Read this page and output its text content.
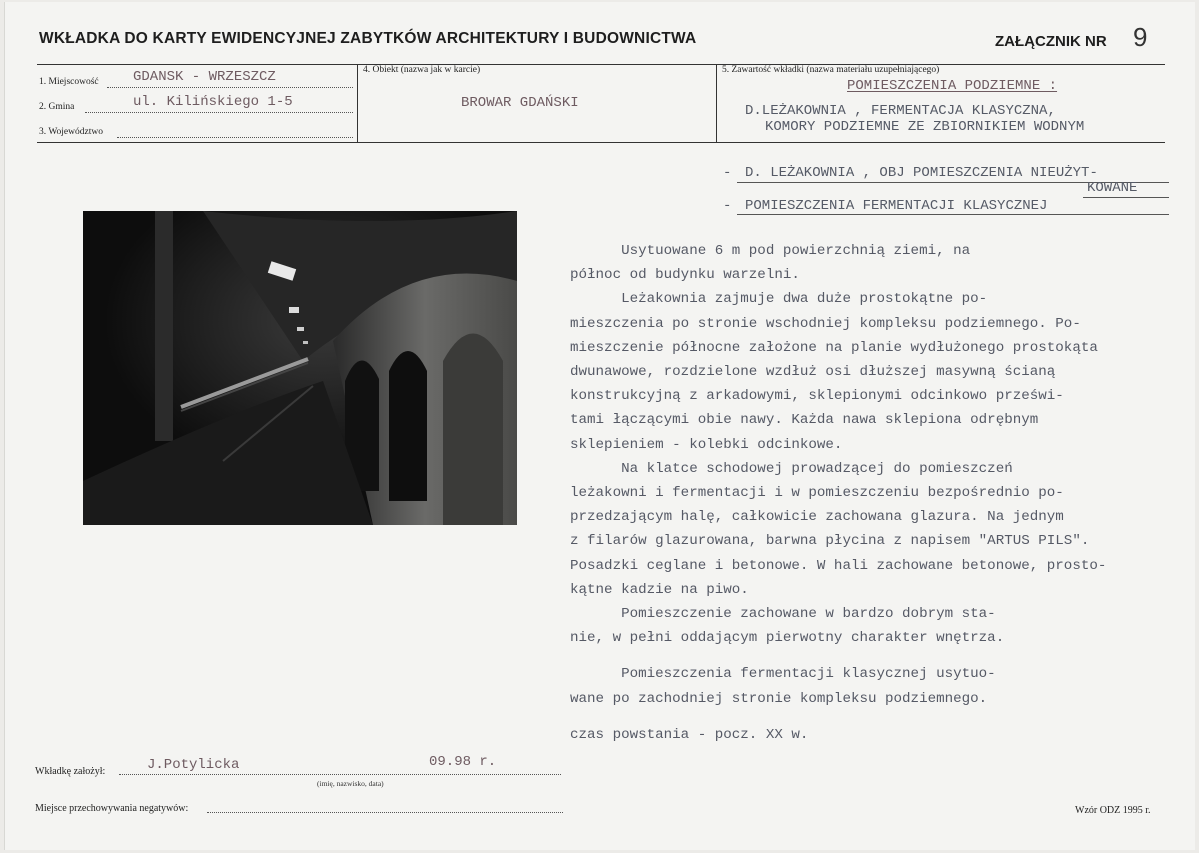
WKŁADKA DO KARTY EWIDENCYJNEJ ZABYTKÓW ARCHITEKTURY I BUDOWNICTWA	ZAŁĄCZNIK NR 9
1. Miejscowość GDANSK - WRZESZCZ
2. Gmina	ul. Kilińskiego 1-5
3. Województwo
4. Obiekt (nazwa jak w karcie)
BROWAR GDAŃSKI
5. Zawartość wkładki (nazwa materiału uzupełniającego)
POMIESZCZENIA PODZIEMNE :
D.LEŻAKOWNIA , FERMENTACJA KLASYCZNA,
KOMORY PODZIEMNE ZE ZBIORNIKIEM WODNYM
- D. LEŻAKOWNIA , OBJ POMIESZCZENIA NIEUŻYT-
KOWANE
- POMIESZCZENIA FERMENTACJI KLASYCZNEJ

Usytuowane 6 m pod powierzchnią ziemi, na

północ od budynku warzelni.

Leżakownia zajmuje dwa duże prostokątne po-

mieszczenia po stronie wschodniej kompleksu podziemnego. Po-

mieszczenie północne założone na planie wydłużonego prostokąta

dwunawowe, rozdzielone wzdłuż osi dłuższej masywną ścianą

konstrukcyjną z arkadowymi, sklepionymi odcinkowo prześwi-

tami łączącymi obie nawy. Każda nawa sklepiona odrębnym

sklepieniem - kolebki odcinkowe.

Na klatce schodowej prowadzącej do pomieszczeń

leżakowni i fermentacji i w pomieszczeniu bezpośrednio po-

przedzającym halę, całkowicie zachowana glazura. Na jednym

z filarów glazurowana, barwna płycina z napisem "ARTUS PILS".

Posadzki ceglane i betonowe. W hali zachowane betonowe, prosto-

kątne kadzie na piwo.

Pomieszczenie zachowane w bardzo dobrym sta-

nie, w pełni oddającym pierwotny charakter wnętrza.

Pomieszczenia fermentacji klasycznej usytuo-

wane po zachodniej stronie kompleksu podziemnego.

czas powstania - pocz. XX w.

Wkładkę założył:	J.Potylicka	09.98 r.
(imię, nazwisko, data)
Miejsce przechowywania negatywów:	Wzór ODZ 1995 r.
